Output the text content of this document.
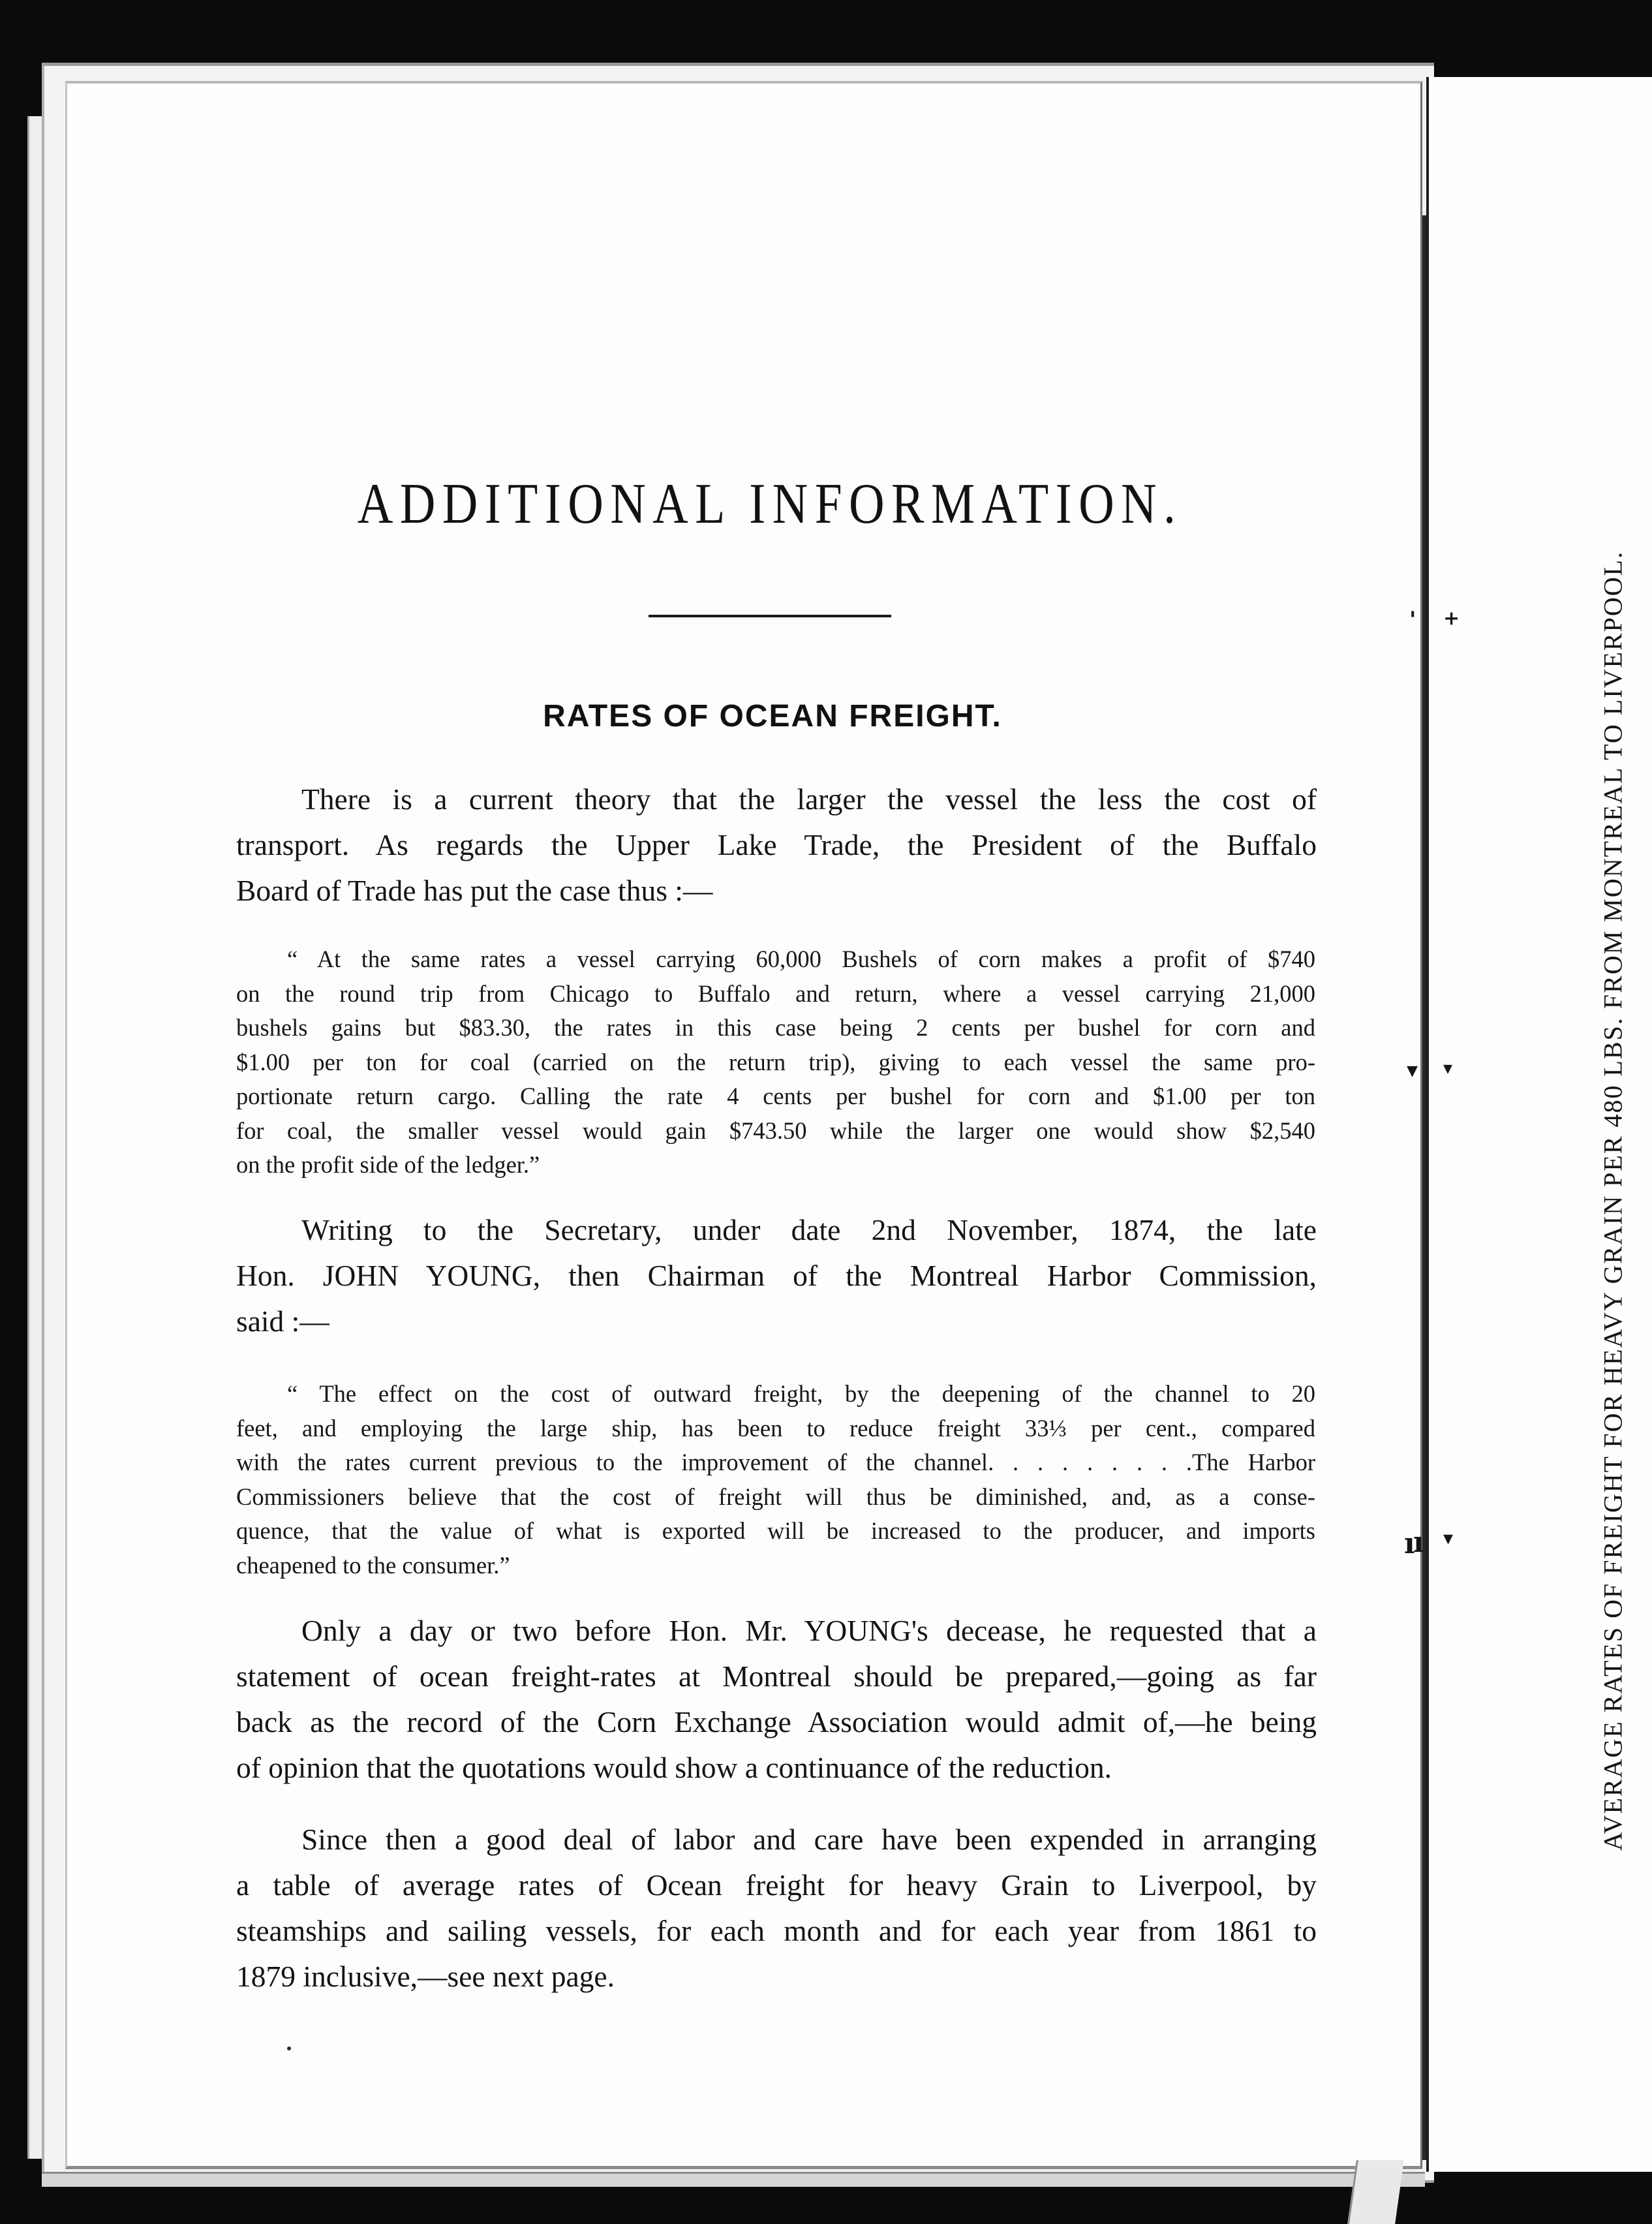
' +
▾ ▾
ı
ı ▾
ADDITIONAL INFORMATION.
RATES OF OCEAN FREIGHT.
There is a current theory that the larger the vessel the less the cost of
transport. As regards the Upper Lake Trade, the President of the Buffalo
Board of Trade has put the case thus :—
“ At the same rates a vessel carrying 60,000 Bushels of corn makes a profit of $740
on the round trip from Chicago to Buffalo and return, where a vessel carrying 21,000
bushels gains but $83.30, the rates in this case being 2 cents per bushel for corn and
$1.00 per ton for coal (carried on the return trip), giving to each vessel the same pro-
portionate return cargo. Calling the rate 4 cents per bushel for corn and $1.00 per ton
for coal, the smaller vessel would gain $743.50 while the larger one would show $2,540
on the profit side of the ledger.”
Writing to the Secretary, under date 2nd November, 1874, the late
Hon. JOHN YOUNG, then Chairman of the Montreal Harbor Commission,
said :—
“ The effect on the cost of outward freight, by the deepening of the channel to 20
feet, and employing the large ship, has been to reduce freight 33⅓ per cent., compared
with the rates current previous to the improvement of the channel. . . . . . . . .The Harbor
Commissioners believe that the cost of freight will thus be diminished, and, as a conse-
quence, that the value of what is exported will be increased to the producer, and imports
cheapened to the consumer.”
Only a day or two before Hon. Mr. YOUNG's decease, he requested that a
statement of ocean freight-rates at Montreal should be prepared,—going as far
back as the record of the Corn Exchange Association would admit of,—he being
of opinion that the quotations would show a continuance of the reduction.
Since then a good deal of labor and care have been expended in arranging
a table of average rates of Ocean freight for heavy Grain to Liverpool, by
steamships and sailing vessels, for each month and for each year from 1861 to
1879 inclusive,—see next page.
AVERAGE RATES OF FREIGHT FOR HEAVY GRAIN PER 480 LBS. FROM MONTREAL TO LIVERPOOL.
